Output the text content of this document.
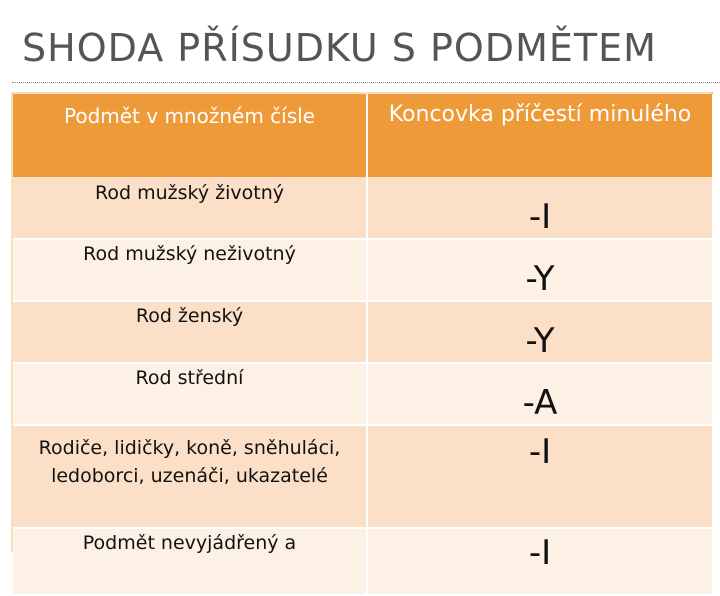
SHODA PŘÍSUDKU S PODMĚTEM
Podmět v množném čísle	Koncovka příčestí minulého
Rod mužský životný	-I
Rod mužský neživotný	-Y
Rod ženský	-Y
Rod střední	-A
Rodiče, lidičky, koně, sněhuláci, ledoborci, uzenáči, ukazatelé	-I
Podmět nevyjádřený a	-I
